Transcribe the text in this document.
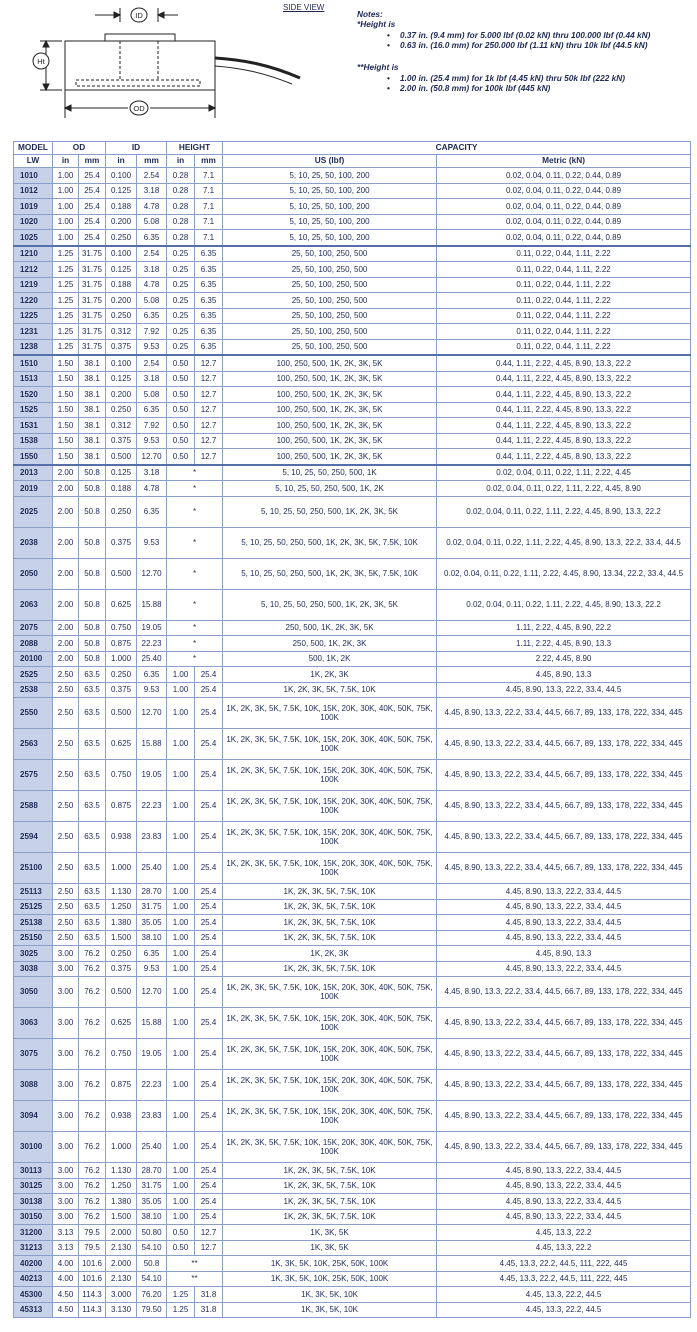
ID
Ht
OD
SIDE VIEW
Notes:
*Height is
• 0.37 in. (9.4 mm) for 5.000 lbf (0.02 kN) thru 100.000 lbf (0.44 kN)
• 0.63 in. (16.0 mm) for 250.000 lbf (1.11 kN) thru 10k lbf (44.5 kN)
**Height is
• 1.00 in. (25.4 mm) for 1k lbf (4.45 kN) thru 50k lbf (222 kN)
• 2.00 in. (50.8 mm) for 100k lbf (445 kN)
MODEL	OD		ID		HEIGHT		CAPACITY	
LW	in	mm	in	mm	in	mm	US (lbf)	Metric (kN)
1010	1.00	25.4	0.100	2.54	0.28	7.1	5, 10, 25, 50, 100, 200	0.02, 0.04, 0.11, 0.22, 0.44, 0.89
1012	1.00	25.4	0.125	3.18	0.28	7.1	5, 10, 25, 50, 100, 200	0.02, 0.04, 0.11, 0.22, 0.44, 0.89
1019	1.00	25.4	0.188	4.78	0.28	7.1	5, 10, 25, 50, 100, 200	0.02, 0.04, 0.11, 0.22, 0.44, 0.89
1020	1.00	25.4	0.200	5.08	0.28	7.1	5, 10, 25, 50, 100, 200	0.02, 0.04, 0.11, 0.22, 0.44, 0.89
1025	1.00	25.4	0.250	6.35	0.28	7.1	5, 10, 25, 50, 100, 200	0.02, 0.04, 0.11, 0.22, 0.44, 0.89
1210	1.25	31.75	0.100	2.54	0.25	6.35	25, 50, 100, 250, 500	0.11, 0.22, 0.44, 1.11, 2.22
1212	1.25	31.75	0.125	3.18	0.25	6.35	25, 50, 100, 250, 500	0.11, 0.22, 0.44, 1.11, 2.22
1219	1.25	31.75	0.188	4.78	0.25	6.35	25, 50, 100, 250, 500	0.11, 0.22, 0.44, 1.11, 2.22
1220	1.25	31.75	0.200	5.08	0.25	6.35	25, 50, 100, 250, 500	0.11, 0.22, 0.44, 1.11, 2.22
1225	1.25	31.75	0.250	6.35	0.25	6.35	25, 50, 100, 250, 500	0.11, 0.22, 0.44, 1.11, 2.22
1231	1.25	31.75	0.312	7.92	0.25	6.35	25, 50, 100, 250, 500	0.11, 0.22, 0.44, 1.11, 2.22
1238	1.25	31.75	0.375	9.53	0.25	6.35	25, 50, 100, 250, 500	0.11, 0.22, 0.44, 1.11, 2.22
1510	1.50	38.1	0.100	2.54	0.50	12.7	100, 250, 500, 1K, 2K, 3K, 5K	0.44, 1.11, 2.22, 4.45, 8.90, 13.3, 22.2
1513	1.50	38.1	0.125	3.18	0.50	12.7	100, 250, 500, 1K, 2K, 3K, 5K	0.44, 1.11, 2.22, 4.45, 8.90, 13.3, 22.2
1520	1.50	38.1	0.200	5.08	0.50	12.7	100, 250, 500, 1K, 2K, 3K, 5K	0.44, 1.11, 2.22, 4.45, 8.90, 13.3, 22.2
1525	1.50	38.1	0.250	6.35	0.50	12.7	100, 250, 500, 1K, 2K, 3K, 5K	0.44, 1.11, 2.22, 4.45, 8.90, 13.3, 22.2
1531	1.50	38.1	0.312	7.92	0.50	12.7	100, 250, 500, 1K, 2K, 3K, 5K	0.44, 1.11, 2.22, 4.45, 8.90, 13.3, 22.2
1538	1.50	38.1	0.375	9.53	0.50	12.7	100, 250, 500, 1K, 2K, 3K, 5K	0.44, 1.11, 2.22, 4.45, 8.90, 13.3, 22.2
1550	1.50	38.1	0.500	12.70	0.50	12.7	100, 250, 500, 1K, 2K, 3K, 5K	0.44, 1.11, 2.22, 4.45, 8.90, 13.3, 22.2
2013	2.00	50.8	0.125	3.18	*		5, 10, 25, 50, 250, 500, 1K	0.02, 0.04, 0.11, 0.22, 1.11, 2.22, 4.45
2019	2.00	50.8	0.188	4.78	*		5, 10, 25, 50, 250, 500, 1K, 2K	0.02, 0.04, 0.11, 0.22, 1.11, 2.22, 4.45, 8.90
2025	2.00	50.8	0.250	6.35	*		5, 10, 25, 50, 250, 500, 1K, 2K, 3K, 5K	0.02, 0.04, 0.11, 0.22, 1.11, 2.22, 4.45, 8.90, 13.3, 22.2
2038	2.00	50.8	0.375	9.53	*		5, 10, 25, 50, 250, 500, 1K, 2K, 3K, 5K, 7.5K, 10K	0.02, 0.04, 0.11, 0.22, 1.11, 2.22, 4.45, 8.90, 13.3, 22.2, 33.4, 44.5
2050	2.00	50.8	0.500	12.70	*		5, 10, 25, 50, 250, 500, 1K, 2K, 3K, 5K, 7.5K, 10K	0.02, 0.04, 0.11, 0.22, 1.11, 2.22, 4.45, 8.90, 13.34, 22.2, 33.4, 44.5
2063	2.00	50.8	0.625	15.88	*		5, 10, 25, 50, 250, 500, 1K, 2K, 3K, 5K	0.02, 0.04, 0.11, 0.22, 1.11, 2.22, 4.45, 8.90, 13.3, 22.2
2075	2.00	50.8	0.750	19.05	*		250, 500, 1K, 2K, 3K, 5K	1.11, 2.22, 4.45, 8.90, 22.2
2088	2.00	50.8	0.875	22.23	*		250, 500, 1K, 2K, 3K	1.11, 2.22, 4.45, 8.90, 13.3
20100	2.00	50.8	1.000	25.40	*		500, 1K, 2K	2.22, 4.45, 8.90
2525	2.50	63.5	0.250	6.35	1.00	25.4	1K, 2K, 3K	4.45, 8.90, 13.3
2538	2.50	63.5	0.375	9.53	1.00	25.4	1K, 2K, 3K, 5K, 7.5K, 10K	4.45, 8.90, 13.3, 22.2, 33.4, 44.5
2550	2.50	63.5	0.500	12.70	1.00	25.4	1K, 2K, 3K, 5K, 7.5K, 10K, 15K, 20K, 30K, 40K, 50K, 75K, 100K	4.45, 8.90, 13.3, 22.2, 33.4, 44.5, 66.7, 89, 133, 178, 222, 334, 445
2563	2.50	63.5	0.625	15.88	1.00	25.4	1K, 2K, 3K, 5K, 7.5K, 10K, 15K, 20K, 30K, 40K, 50K, 75K, 100K	4.45, 8.90, 13.3, 22.2, 33.4, 44.5, 66.7, 89, 133, 178, 222, 334, 445
2575	2.50	63.5	0.750	19.05	1.00	25.4	1K, 2K, 3K, 5K, 7.5K, 10K, 15K, 20K, 30K, 40K, 50K, 75K, 100K	4.45, 8.90, 13.3, 22.2, 33.4, 44.5, 66.7, 89, 133, 178, 222, 334, 445
2588	2.50	63.5	0.875	22.23	1.00	25.4	1K, 2K, 3K, 5K, 7.5K, 10K, 15K, 20K, 30K, 40K, 50K, 75K, 100K	4.45, 8.90, 13.3, 22.2, 33.4, 44.5, 66.7, 89, 133, 178, 222, 334, 445
2594	2.50	63.5	0.938	23.83	1.00	25.4	1K, 2K, 3K, 5K, 7.5K, 10K, 15K, 20K, 30K, 40K, 50K, 75K, 100K	4.45, 8.90, 13.3, 22.2, 33.4, 44.5, 66.7, 89, 133, 178, 222, 334, 445
25100	2.50	63.5	1.000	25.40	1.00	25.4	1K, 2K, 3K, 5K, 7.5K, 10K, 15K, 20K, 30K, 40K, 50K, 75K, 100K	4.45, 8.90, 13.3, 22.2, 33.4, 44.5, 66.7, 89, 133, 178, 222, 334, 445
25113	2.50	63.5	1.130	28.70	1.00	25.4	1K, 2K, 3K, 5K, 7.5K, 10K	4.45, 8.90, 13.3, 22.2, 33.4, 44.5
25125	2.50	63.5	1.250	31.75	1.00	25.4	1K, 2K, 3K, 5K, 7.5K, 10K	4.45, 8.90, 13.3, 22.2, 33.4, 44.5
25138	2.50	63.5	1.380	35.05	1.00	25.4	1K, 2K, 3K, 5K, 7.5K, 10K	4.45, 8.90, 13.3, 22.2, 33.4, 44.5
25150	2.50	63.5	1.500	38.10	1.00	25.4	1K, 2K, 3K, 5K, 7.5K, 10K	4.45, 8.90, 13.3, 22.2, 33.4, 44.5
3025	3.00	76.2	0.250	6.35	1.00	25.4	1K, 2K, 3K	4.45, 8.90, 13.3
3038	3.00	76.2	0.375	9.53	1.00	25.4	1K, 2K, 3K, 5K, 7.5K, 10K	4.45, 8.90, 13.3, 22.2, 33.4, 44.5
3050	3.00	76.2	0.500	12.70	1.00	25.4	1K, 2K, 3K, 5K, 7.5K, 10K, 15K, 20K, 30K, 40K, 50K, 75K, 100K	4.45, 8.90, 13.3, 22.2, 33.4, 44.5, 66.7, 89, 133, 178, 222, 334, 445
3063	3.00	76.2	0.625	15.88	1.00	25.4	1K, 2K, 3K, 5K, 7.5K, 10K, 15K, 20K, 30K, 40K, 50K, 75K, 100K	4.45, 8.90, 13.3, 22.2, 33.4, 44.5, 66.7, 89, 133, 178, 222, 334, 445
3075	3.00	76.2	0.750	19.05	1.00	25.4	1K, 2K, 3K, 5K, 7.5K, 10K, 15K, 20K, 30K, 40K, 50K, 75K, 100K	4.45, 8.90, 13.3, 22.2, 33.4, 44.5, 66.7, 89, 133, 178, 222, 334, 445
3088	3.00	76.2	0.875	22.23	1.00	25.4	1K, 2K, 3K, 5K, 7.5K, 10K, 15K, 20K, 30K, 40K, 50K, 75K, 100K	4.45, 8.90, 13.3, 22.2, 33.4, 44.5, 66.7, 89, 133, 178, 222, 334, 445
3094	3.00	76.2	0.938	23.83	1.00	25.4	1K, 2K, 3K, 5K, 7.5K, 10K, 15K, 20K, 30K, 40K, 50K, 75K, 100K	4.45, 8.90, 13.3, 22.2, 33.4, 44.5, 66.7, 89, 133, 178, 222, 334, 445
30100	3.00	76.2	1.000	25.40	1.00	25.4	1K, 2K, 3K, 5K, 7.5K, 10K, 15K, 20K, 30K, 40K, 50K, 75K, 100K	4.45, 8.90, 13.3, 22.2, 33.4, 44.5, 66.7, 89, 133, 178, 222, 334, 445
30113	3.00	76.2	1.130	28.70	1.00	25.4	1K, 2K, 3K, 5K, 7.5K, 10K	4.45, 8.90, 13.3, 22.2, 33.4, 44.5
30125	3.00	76.2	1.250	31.75	1.00	25.4	1K, 2K, 3K, 5K, 7.5K, 10K	4.45, 8.90, 13.3, 22.2, 33.4, 44.5
30138	3.00	76.2	1.380	35.05	1.00	25.4	1K, 2K, 3K, 5K, 7.5K, 10K	4.45, 8.90, 13.3, 22.2, 33.4, 44.5
30150	3.00	76.2	1.500	38.10	1.00	25.4	1K, 2K, 3K, 5K, 7.5K, 10K	4.45, 8.90, 13.3, 22.2, 33.4, 44.5
31200	3.13	79.5	2.000	50.80	0.50	12.7	1K, 3K, 5K	4.45, 13.3, 22.2
31213	3.13	79.5	2.130	54.10	0.50	12.7	1K, 3K, 5K	4.45, 13.3, 22.2
40200	4.00	101.6	2.000	50.8	**		1K, 3K, 5K, 10K, 25K, 50K, 100K	4.45, 13.3, 22.2, 44.5, 111, 222, 445
40213	4.00	101.6	2.130	54.10	**		1K, 3K, 5K, 10K, 25K, 50K, 100K	4.45, 13.3, 22.2, 44.5, 111, 222, 445
45300	4.50	114.3	3.000	76.20	1.25	31.8	1K, 3K, 5K, 10K	4.45, 13.3, 22.2, 44.5
45313	4.50	114.3	3.130	79.50	1.25	31.8	1K, 3K, 5K, 10K	4.45, 13.3, 22.2, 44.5
